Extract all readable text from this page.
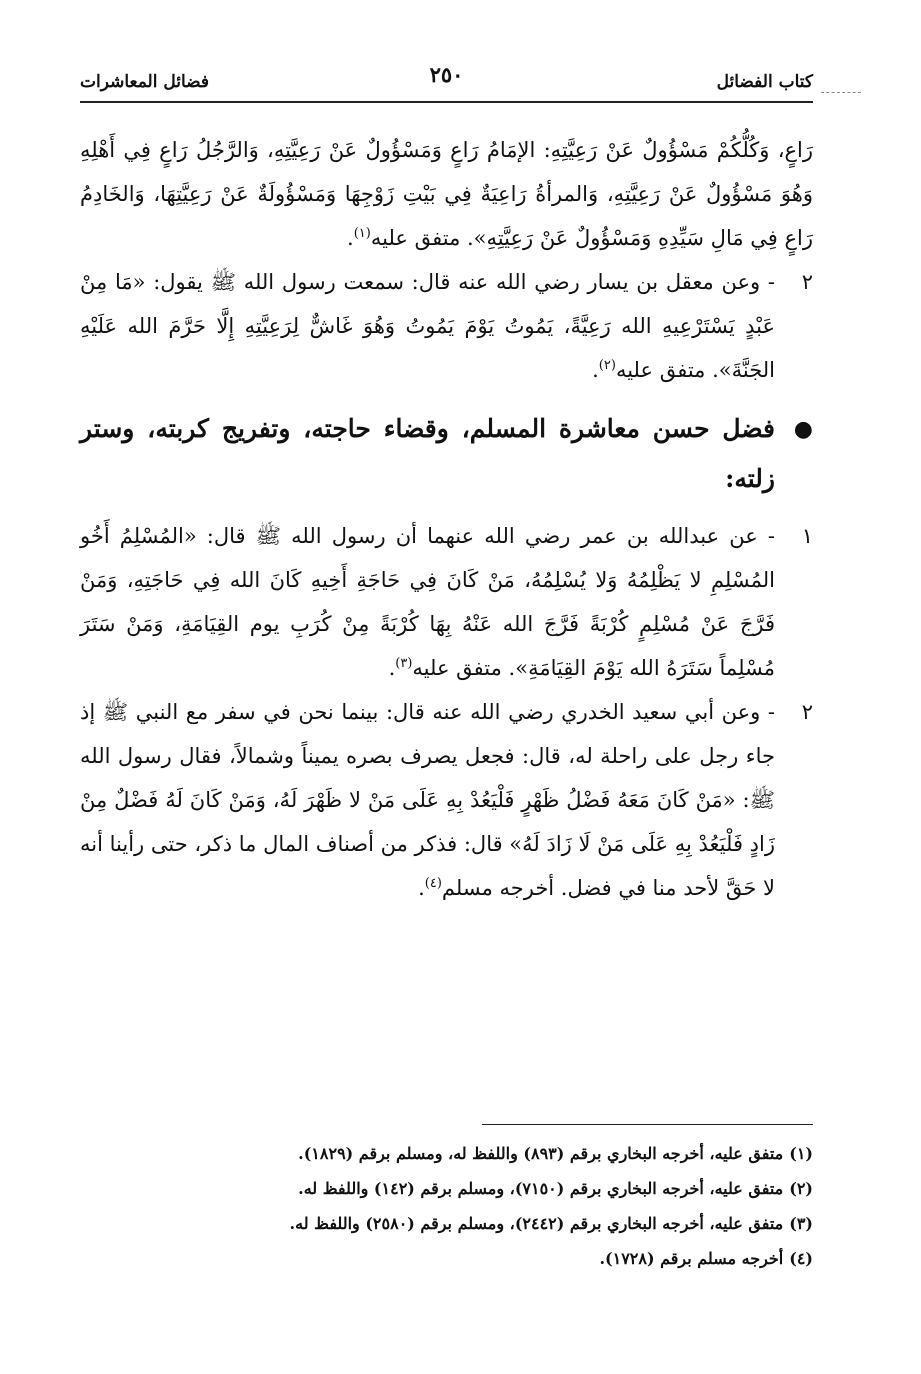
كتاب الفضائل
٢٥٠
فضائل المعاشرات

رَاعٍ، وَكُلُّكُمْ مَسْؤُولٌ عَنْ رَعِيَّتِهِ: الإمَامُ رَاعٍ وَمَسْؤُولٌ عَنْ رَعِيَّتِهِ، وَالرَّجُلُ رَاعٍ فِي أَهْلِهِ وَهُوَ مَسْؤُولٌ عَنْ رَعِيَّتِهِ، وَالمرأةُ رَاعِيَةٌ فِي بَيْتِ زَوْجِهَا وَمَسْؤُولَةٌ عَنْ رَعِيَّتِهَا، وَالخَادِمُ رَاعٍ فِي مَالِ سَيِّدِهِ وَمَسْؤُولٌ عَنْ رَعِيَّتِهِ». متفق عليه$^{(١)}$.

٢

- وعن معقل بن يسار رضي الله عنه قال: سمعت رسول الله ﷺ يقول: «مَا مِنْ عَبْدٍ يَسْتَرْعِيهِ الله رَعِيَّةً، يَمُوتُ يَوْمَ يَمُوتُ وَهُوَ غَاشٌّ لِرَعِيَّتِهِ إِلَّا حَرَّمَ الله عَلَيْهِ الجَنَّةَ». متفق عليه$^{(٢)}$.

●

فضل حسن معاشرة المسلم، وقضاء حاجته، وتفريج كربته، وستر زلته:

١

- عن عبدالله بن عمر رضي الله عنهما أن رسول الله ﷺ قال: «المُسْلِمُ أَخُو المُسْلِمِ لا يَظْلِمُهُ وَلا يُسْلِمُهُ، مَنْ كَانَ فِي حَاجَةِ أَخِيهِ كَانَ الله فِي حَاجَتِهِ، وَمَنْ فَرَّجَ عَنْ مُسْلِمٍ كُرْبَةً فَرَّجَ الله عَنْهُ بِهَا كُرْبَةً مِنْ كُرَبِ يوم القِيَامَةِ، وَمَنْ سَتَرَ مُسْلِماً سَتَرَهُ الله يَوْمَ القِيَامَةِ». متفق عليه$^{(٣)}$.

٢

- وعن أبي سعيد الخدري رضي الله عنه قال: بينما نحن في سفر مع النبي ﷺ إذ جاء رجل على راحلة له، قال: فجعل يصرف بصره يميناً وشمالاً، فقال رسول الله ﷺ: «مَنْ كَانَ مَعَهُ فَضْلُ ظَهْرٍ فَلْيَعُدْ بِهِ عَلَى مَنْ لا ظَهْرَ لَهُ، وَمَنْ كَانَ لَهُ فَضْلٌ مِنْ زَادٍ فَلْيَعُدْ بِهِ عَلَى مَنْ لَا زَادَ لَهُ» قال: فذكر من أصناف المال ما ذكر، حتى رأينا أنه لا حَقَّ لأحد منا في فضل. أخرجه مسلم$^{(٤)}$.

(١)متفق عليه، أخرجه البخاري برقم (٨٩٣) واللفظ له، ومسلم برقم (١٨٢٩).

(٢)متفق عليه، أخرجه البخاري برقم (٧١٥٠)، ومسلم برقم (١٤٢) واللفظ له.

(٣)متفق عليه، أخرجه البخاري برقم (٢٤٤٢)، ومسلم برقم (٢٥٨٠) واللفظ له.

(٤)أخرجه مسلم برقم (١٧٢٨).
